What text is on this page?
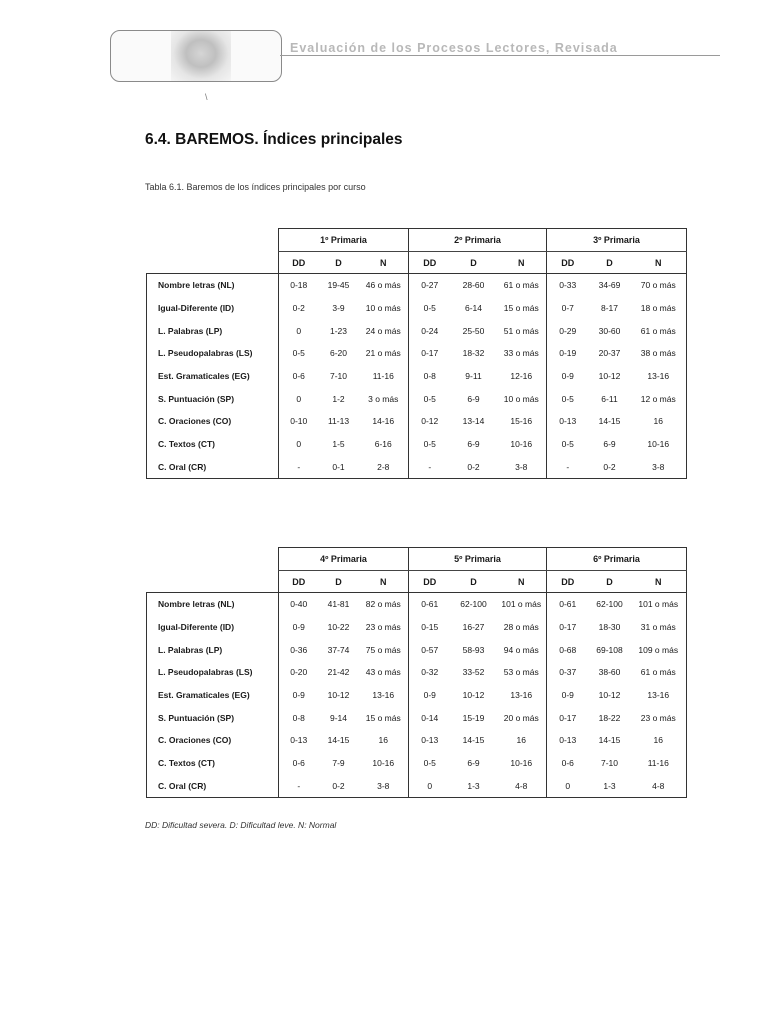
Evaluación de los Procesos Lectores, Revisada
\
6.4. BAREMOS. Índices principales
Tabla 6.1. Baremos de los índices principales por curso
	1º Primaria			2º Primaria			3º Primaria		
	DD	D	N	DD	D	N	DD	D	N
Nombre letras (NL)	0-18	19-45	46 o más	0-27	28-60	61 o más	0-33	34-69	70 o más
Igual-Diferente (ID)	0-2	3-9	10 o más	0-5	6-14	15 o más	0-7	8-17	18 o más
L. Palabras (LP)	0	1-23	24 o más	0-24	25-50	51 o más	0-29	30-60	61 o más
L. Pseudopalabras (LS)	0-5	6-20	21 o más	0-17	18-32	33 o más	0-19	20-37	38 o más
Est. Gramaticales (EG)	0-6	7-10	11-16	0-8	9-11	12-16	0-9	10-12	13-16
S. Puntuación (SP)	0	1-2	3 o más	0-5	6-9	10 o más	0-5	6-11	12 o más
C. Oraciones (CO)	0-10	11-13	14-16	0-12	13-14	15-16	0-13	14-15	16
C. Textos (CT)	0	1-5	6-16	0-5	6-9	10-16	0-5	6-9	10-16
C. Oral (CR)	-	0-1	2-8	-	0-2	3-8	-	0-2	3-8
	4º Primaria			5º Primaria			6º Primaria		
	DD	D	N	DD	D	N	DD	D	N
Nombre letras (NL)	0-40	41-81	82 o más	0-61	62-100	101 o más	0-61	62-100	101 o más
Igual-Diferente (ID)	0-9	10-22	23 o más	0-15	16-27	28 o más	0-17	18-30	31 o más
L. Palabras (LP)	0-36	37-74	75 o más	0-57	58-93	94 o más	0-68	69-108	109 o más
L. Pseudopalabras (LS)	0-20	21-42	43 o más	0-32	33-52	53 o más	0-37	38-60	61 o más
Est. Gramaticales (EG)	0-9	10-12	13-16	0-9	10-12	13-16	0-9	10-12	13-16
S. Puntuación (SP)	0-8	9-14	15 o más	0-14	15-19	20 o más	0-17	18-22	23 o más
C. Oraciones (CO)	0-13	14-15	16	0-13	14-15	16	0-13	14-15	16
C. Textos (CT)	0-6	7-9	10-16	0-5	6-9	10-16	0-6	7-10	11-16
C. Oral (CR)	-	0-2	3-8	0	1-3	4-8	0	1-3	4-8
DD: Dificultad severa. D: Dificultad leve. N: Normal
